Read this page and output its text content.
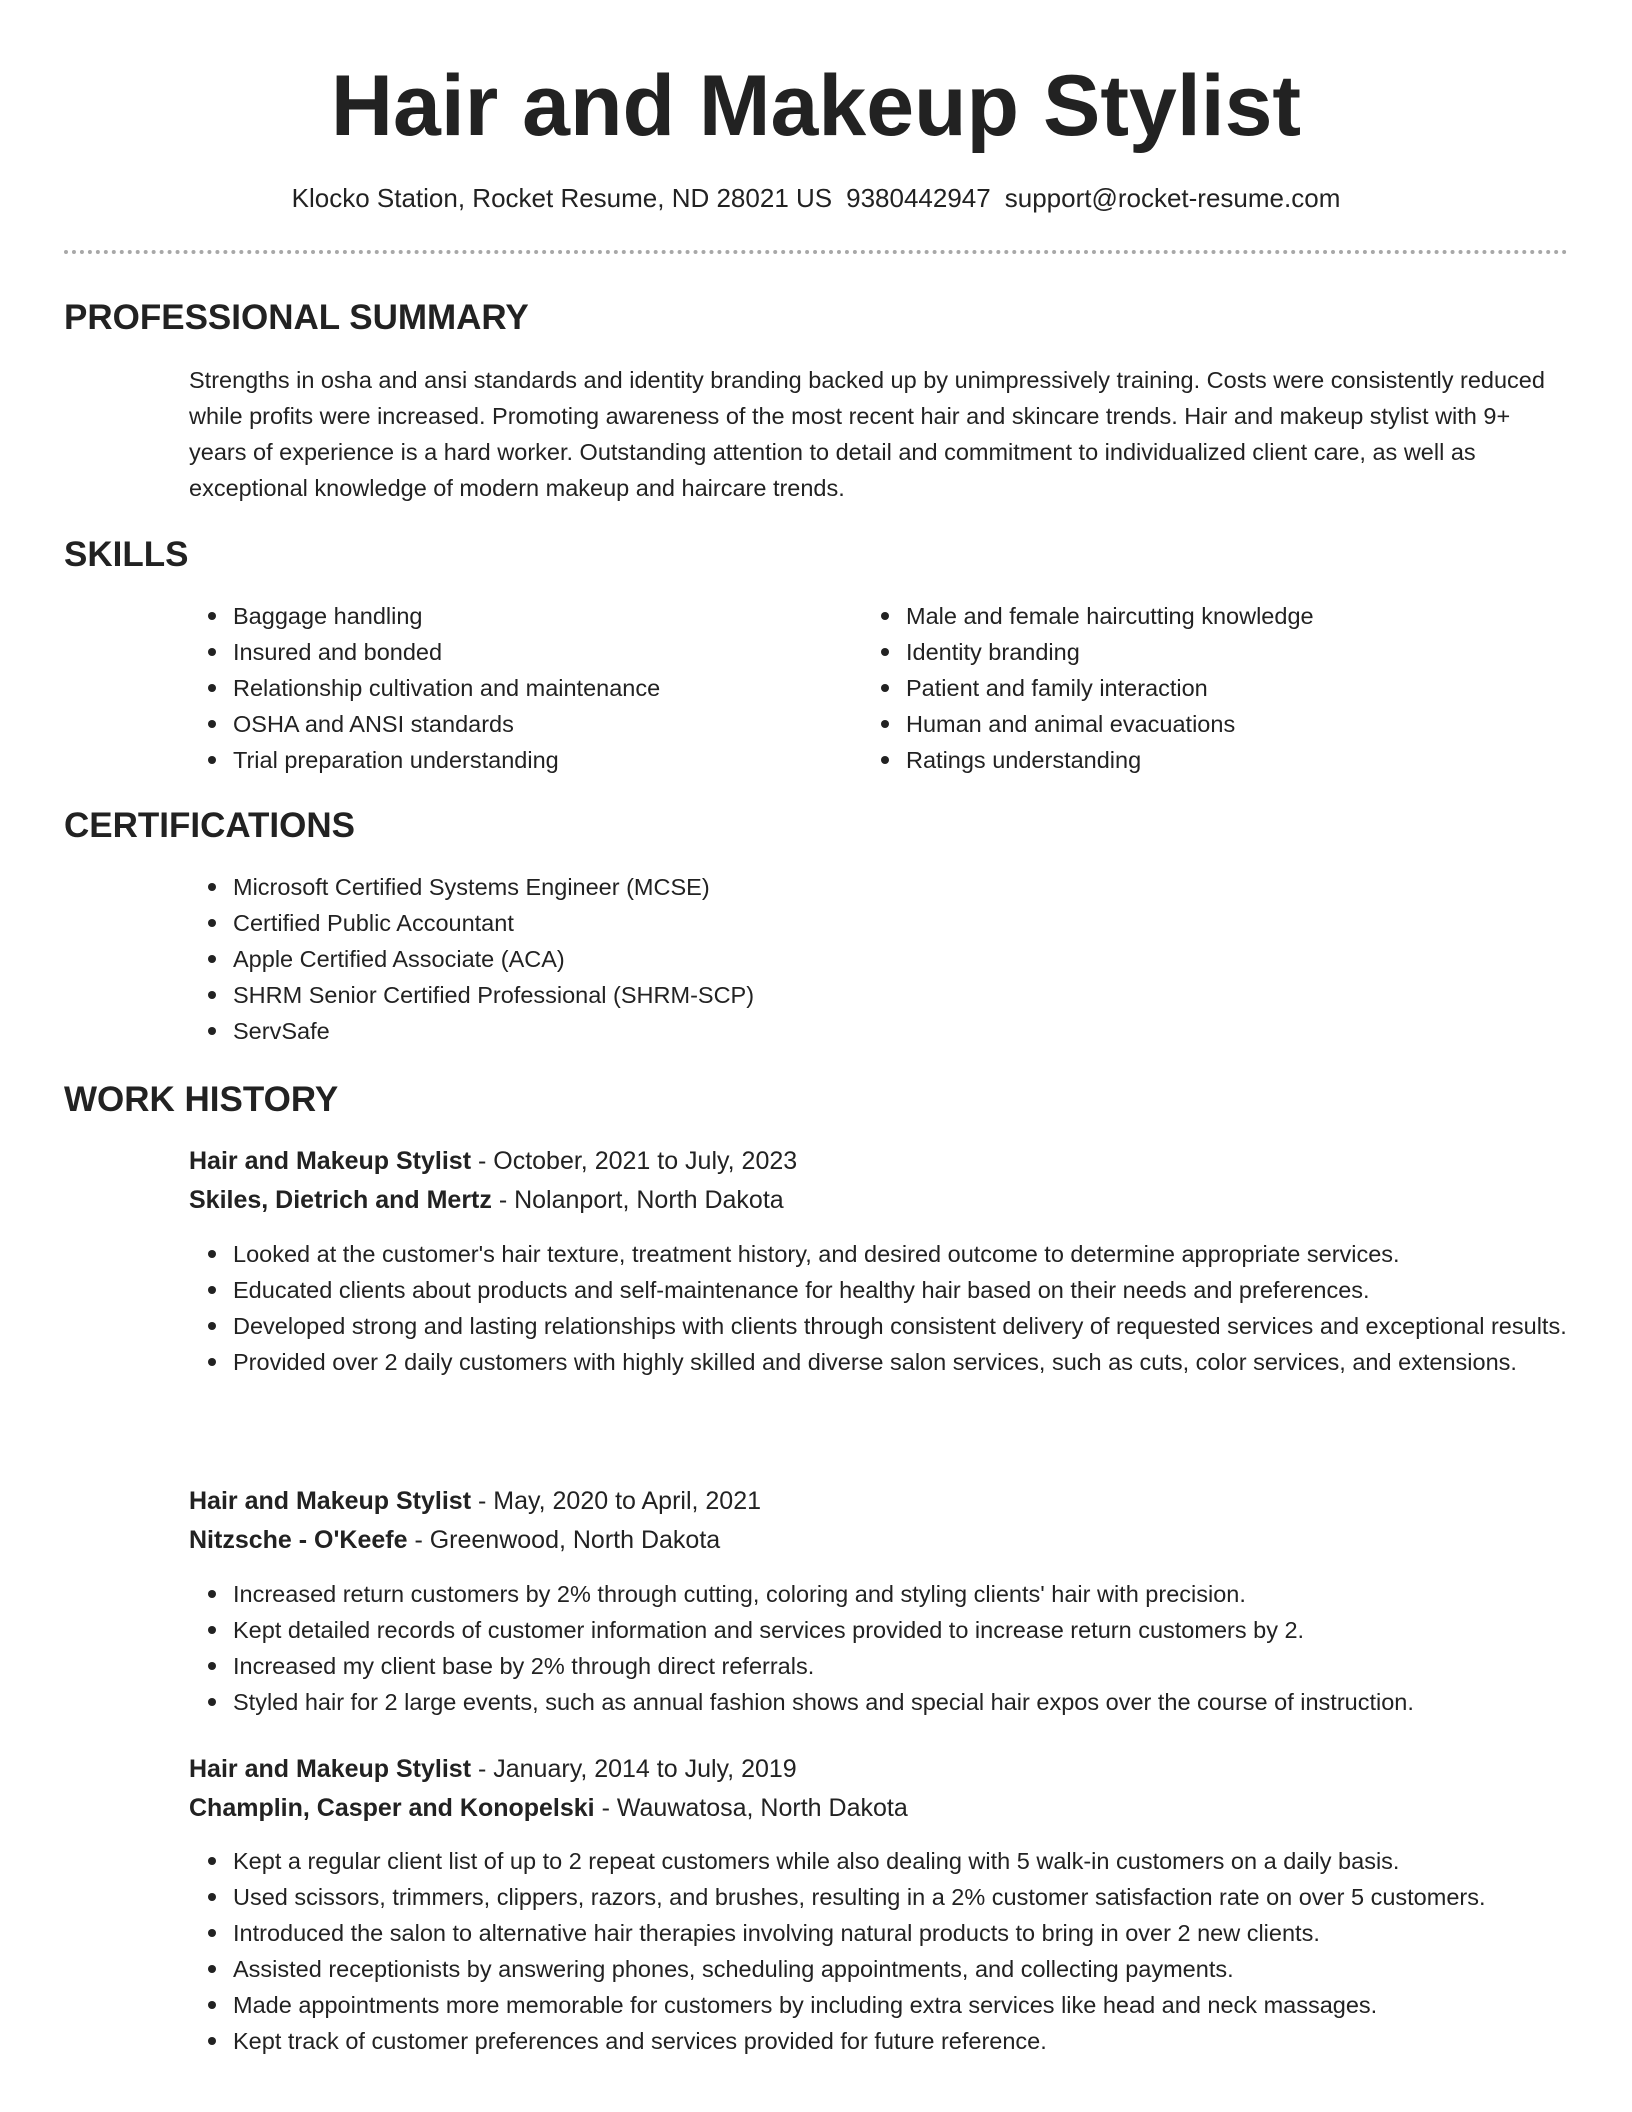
Hair and Makeup Stylist
Klocko Station, Rocket Resume, ND 28021 US 9380442947 support@rocket-resume.com
PROFESSIONAL SUMMARY

Strengths in osha and ansi standards and identity branding backed up by unimpressively training. Costs were consistently reduced while profits were increased. Promoting awareness of the most recent hair and skincare trends. Hair and makeup stylist with 9+ years of experience is a hard worker. Outstanding attention to detail and commitment to individualized client care, as well as exceptional knowledge of modern makeup and haircare trends.

SKILLS
Baggage handling
Insured and bonded
Relationship cultivation and maintenance
OSHA and ANSI standards
Trial preparation understanding
Male and female haircutting knowledge
Identity branding
Patient and family interaction
Human and animal evacuations
Ratings understanding
CERTIFICATIONS
Microsoft Certified Systems Engineer (MCSE)
Certified Public Accountant
Apple Certified Associate (ACA)
SHRM Senior Certified Professional (SHRM-SCP)
ServSafe
WORK HISTORY
Hair and Makeup Stylist - October, 2021 to July, 2023
Skiles, Dietrich and Mertz - Nolanport, North Dakota
Looked at the customer's hair texture, treatment history, and desired outcome to determine appropriate services.
Educated clients about products and self-maintenance for healthy hair based on their needs and preferences.
Developed strong and lasting relationships with clients through consistent delivery of requested services and exceptional results.
Provided over 2 daily customers with highly skilled and diverse salon services, such as cuts, color services, and extensions.
Hair and Makeup Stylist - May, 2020 to April, 2021
Nitzsche - O'Keefe - Greenwood, North Dakota
Increased return customers by 2% through cutting, coloring and styling clients' hair with precision.
Kept detailed records of customer information and services provided to increase return customers by 2.
Increased my client base by 2% through direct referrals.
Styled hair for 2 large events, such as annual fashion shows and special hair expos over the course of instruction.
Hair and Makeup Stylist - January, 2014 to July, 2019
Champlin, Casper and Konopelski - Wauwatosa, North Dakota
Kept a regular client list of up to 2 repeat customers while also dealing with 5 walk-in customers on a daily basis.
Used scissors, trimmers, clippers, razors, and brushes, resulting in a 2% customer satisfaction rate on over 5 customers.
Introduced the salon to alternative hair therapies involving natural products to bring in over 2 new clients.
Assisted receptionists by answering phones, scheduling appointments, and collecting payments.
Made appointments more memorable for customers by including extra services like head and neck massages.
Kept track of customer preferences and services provided for future reference.
